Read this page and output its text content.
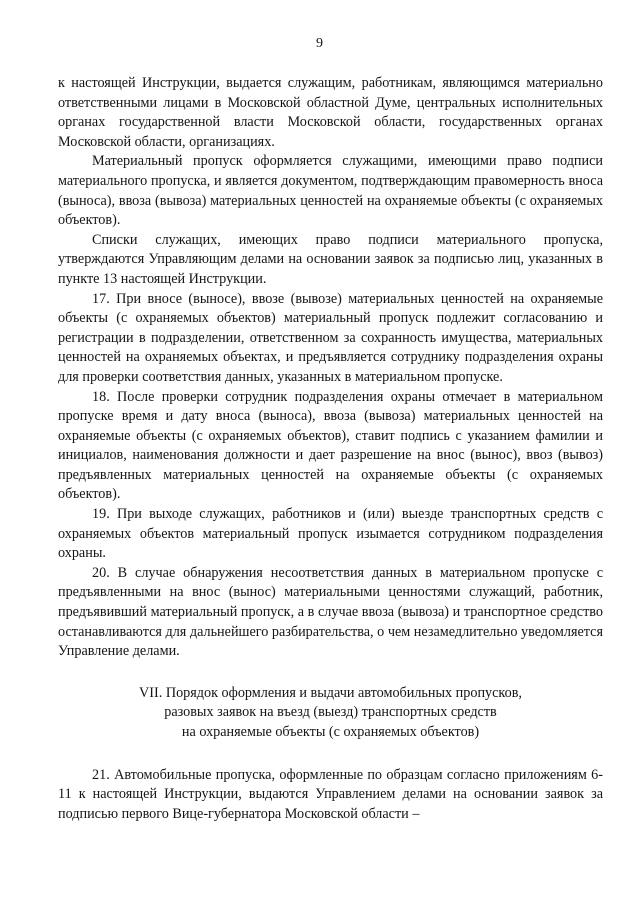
9

к настоящей Инструкции, выдается служащим, работникам, являющимся материально ответственными лицами в Московской областной Думе, центральных исполнительных органах государственной власти Московской области, государственных органах Московской области, организациях.

Материальный пропуск оформляется служащими, имеющими право подписи материального пропуска, и является документом, подтверждающим правомерность вноса (выноса), ввоза (вывоза) материальных ценностей на охраняемые объекты (с охраняемых объектов).

Списки служащих, имеющих право подписи материального пропуска, утверждаются Управляющим делами на основании заявок за подписью лиц, указанных в пункте 13 настоящей Инструкции.

17. При вносе (выносе), ввозе (вывозе) материальных ценностей на охраняемые объекты (с охраняемых объектов) материальный пропуск подлежит согласованию и регистрации в подразделении, ответственном за сохранность имущества, материальных ценностей на охраняемых объектах, и предъявляется сотруднику подразделения охраны для проверки соответствия данных, указанных в материальном пропуске.

18. После проверки сотрудник подразделения охраны отмечает в материальном пропуске время и дату вноса (выноса), ввоза (вывоза) материальных ценностей на охраняемые объекты (с охраняемых объектов), ставит подпись с указанием фамилии и инициалов, наименования должности и дает разрешение на внос (вынос), ввоз (вывоз) предъявленных материальных ценностей на охраняемые объекты (с охраняемых объектов).

19. При выходе служащих, работников и (или) выезде транспортных средств с охраняемых объектов материальный пропуск изымается сотрудником подразделения охраны.

20. В случае обнаружения несоответствия данных в материальном пропуске с предъявленными на внос (вынос) материальными ценностями служащий, работник, предъявивший материальный пропуск, а в случае ввоза (вывоза) и транспортное средство останавливаются для дальнейшего разбирательства, о чем незамедлительно уведомляется Управление делами.

VII. Порядок оформления и выдачи автомобильных пропусков,
разовых заявок на въезд (выезд) транспортных средств
на охраняемые объекты (с охраняемых объектов)

21. Автомобильные пропуска, оформленные по образцам согласно приложениям 6-11 к настоящей Инструкции, выдаются Управлением делами на основании заявок за подписью первого Вице-губернатора Московской области –
